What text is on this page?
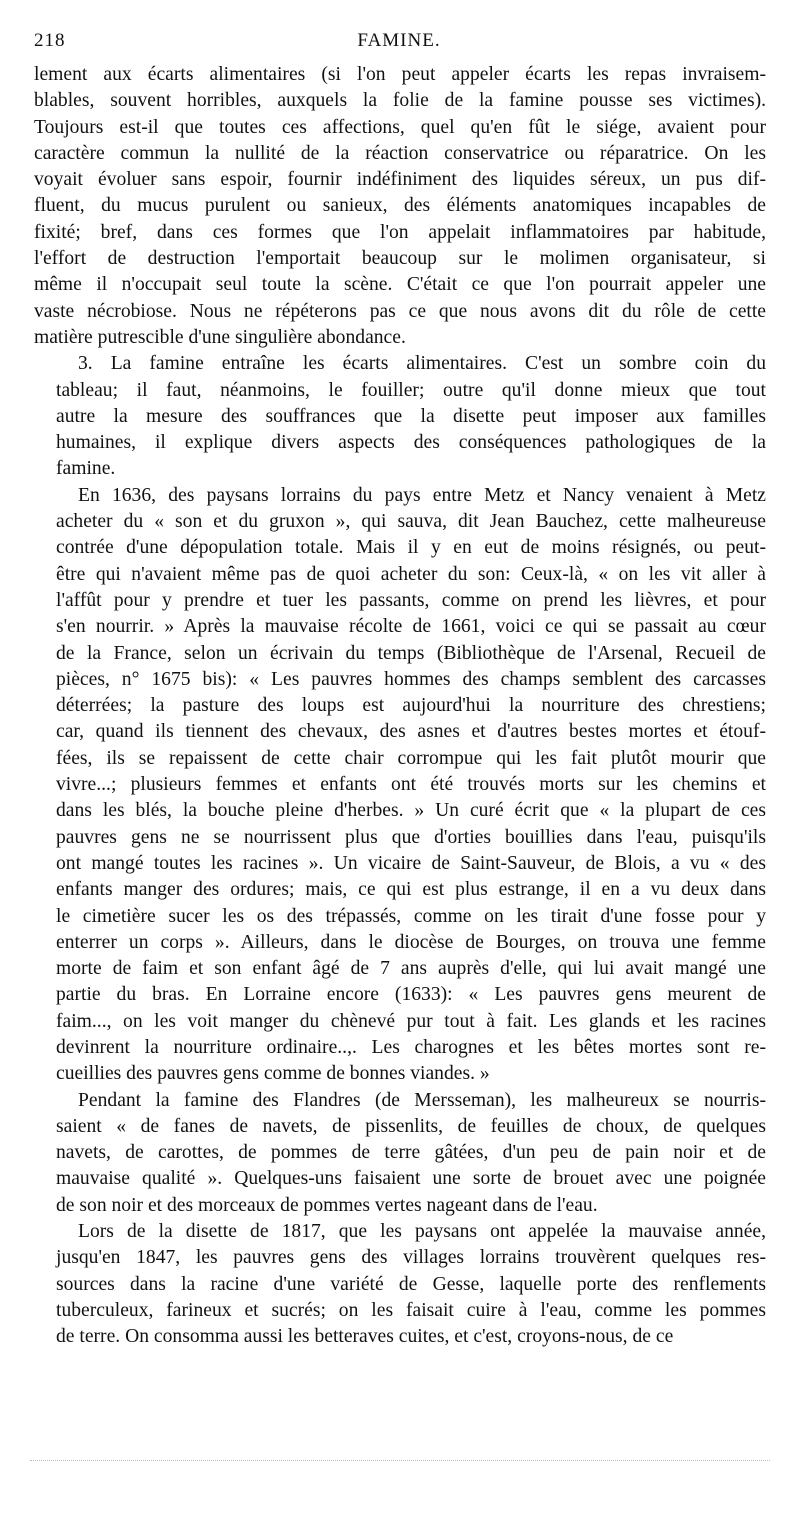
218	FAMINE.
lement aux écarts alimentaires (si l'on peut appeler écarts les repas invraisem-
blables, souvent horribles, auxquels la folie de la famine pousse ses victimes).
Toujours est-il que toutes ces affections, quel qu'en fût le siége, avaient pour
caractère commun la nullité de la réaction conservatrice ou réparatrice. On les
voyait évoluer sans espoir, fournir indéfiniment des liquides séreux, un pus dif-
fluent, du mucus purulent ou sanieux, des éléments anatomiques incapables de
fixité; bref, dans ces formes que l'on appelait inflammatoires par habitude,
l'effort de destruction l'emportait beaucoup sur le molimen organisateur, si
même il n'occupait seul toute la scène. C'était ce que l'on pourrait appeler une
vaste nécrobiose. Nous ne répéterons pas ce que nous avons dit du rôle de cette
matière putrescible d'une singulière abondance.
3. La famine entraîne les écarts alimentaires. C'est un sombre coin du
tableau; il faut, néanmoins, le fouiller; outre qu'il donne mieux que tout
autre la mesure des souffrances que la disette peut imposer aux familles
humaines, il explique divers aspects des conséquences pathologiques de la
famine.
En 1636, des paysans lorrains du pays entre Metz et Nancy venaient à Metz
acheter du « son et du gruxon », qui sauva, dit Jean Bauchez, cette malheureuse
contrée d'une dépopulation totale. Mais il y en eut de moins résignés, ou peut-
être qui n'avaient même pas de quoi acheter du son: Ceux-là, « on les vit aller à
l'affût pour y prendre et tuer les passants, comme on prend les lièvres, et pour
s'en nourrir. » Après la mauvaise récolte de 1661, voici ce qui se passait au cœur
de la France, selon un écrivain du temps (Bibliothèque de l'Arsenal, Recueil de
pièces, n° 1675 bis): « Les pauvres hommes des champs semblent des carcasses
déterrées; la pasture des loups est aujourd'hui la nourriture des chrestiens;
car, quand ils tiennent des chevaux, des asnes et d'autres bestes mortes et étouf-
fées, ils se repaissent de cette chair corrompue qui les fait plutôt mourir que
vivre...; plusieurs femmes et enfants ont été trouvés morts sur les chemins et
dans les blés, la bouche pleine d'herbes. » Un curé écrit que « la plupart de ces
pauvres gens ne se nourrissent plus que d'orties bouillies dans l'eau, puisqu'ils
ont mangé toutes les racines ». Un vicaire de Saint-Sauveur, de Blois, a vu « des
enfants manger des ordures; mais, ce qui est plus estrange, il en a vu deux dans
le cimetière sucer les os des trépassés, comme on les tirait d'une fosse pour y
enterrer un corps ». Ailleurs, dans le diocèse de Bourges, on trouva une femme
morte de faim et son enfant âgé de 7 ans auprès d'elle, qui lui avait mangé une
partie du bras. En Lorraine encore (1633): « Les pauvres gens meurent de
faim..., on les voit manger du chènevé pur tout à fait. Les glands et les racines
devinrent la nourriture ordinaire..,. Les charognes et les bêtes mortes sont re-
cueillies des pauvres gens comme de bonnes viandes. »
Pendant la famine des Flandres (de Mersseman), les malheureux se nourris-
saient « de fanes de navets, de pissenlits, de feuilles de choux, de quelques
navets, de carottes, de pommes de terre gâtées, d'un peu de pain noir et de
mauvaise qualité ». Quelques-uns faisaient une sorte de brouet avec une poignée
de son noir et des morceaux de pommes vertes nageant dans de l'eau.
Lors de la disette de 1817, que les paysans ont appelée la mauvaise année,
jusqu'en 1847, les pauvres gens des villages lorrains trouvèrent quelques res-
sources dans la racine d'une variété de Gesse, laquelle porte des renflements
tuberculeux, farineux et sucrés; on les faisait cuire à l'eau, comme les pommes
de terre. On consomma aussi les betteraves cuites, et c'est, croyons-nous, de ce
